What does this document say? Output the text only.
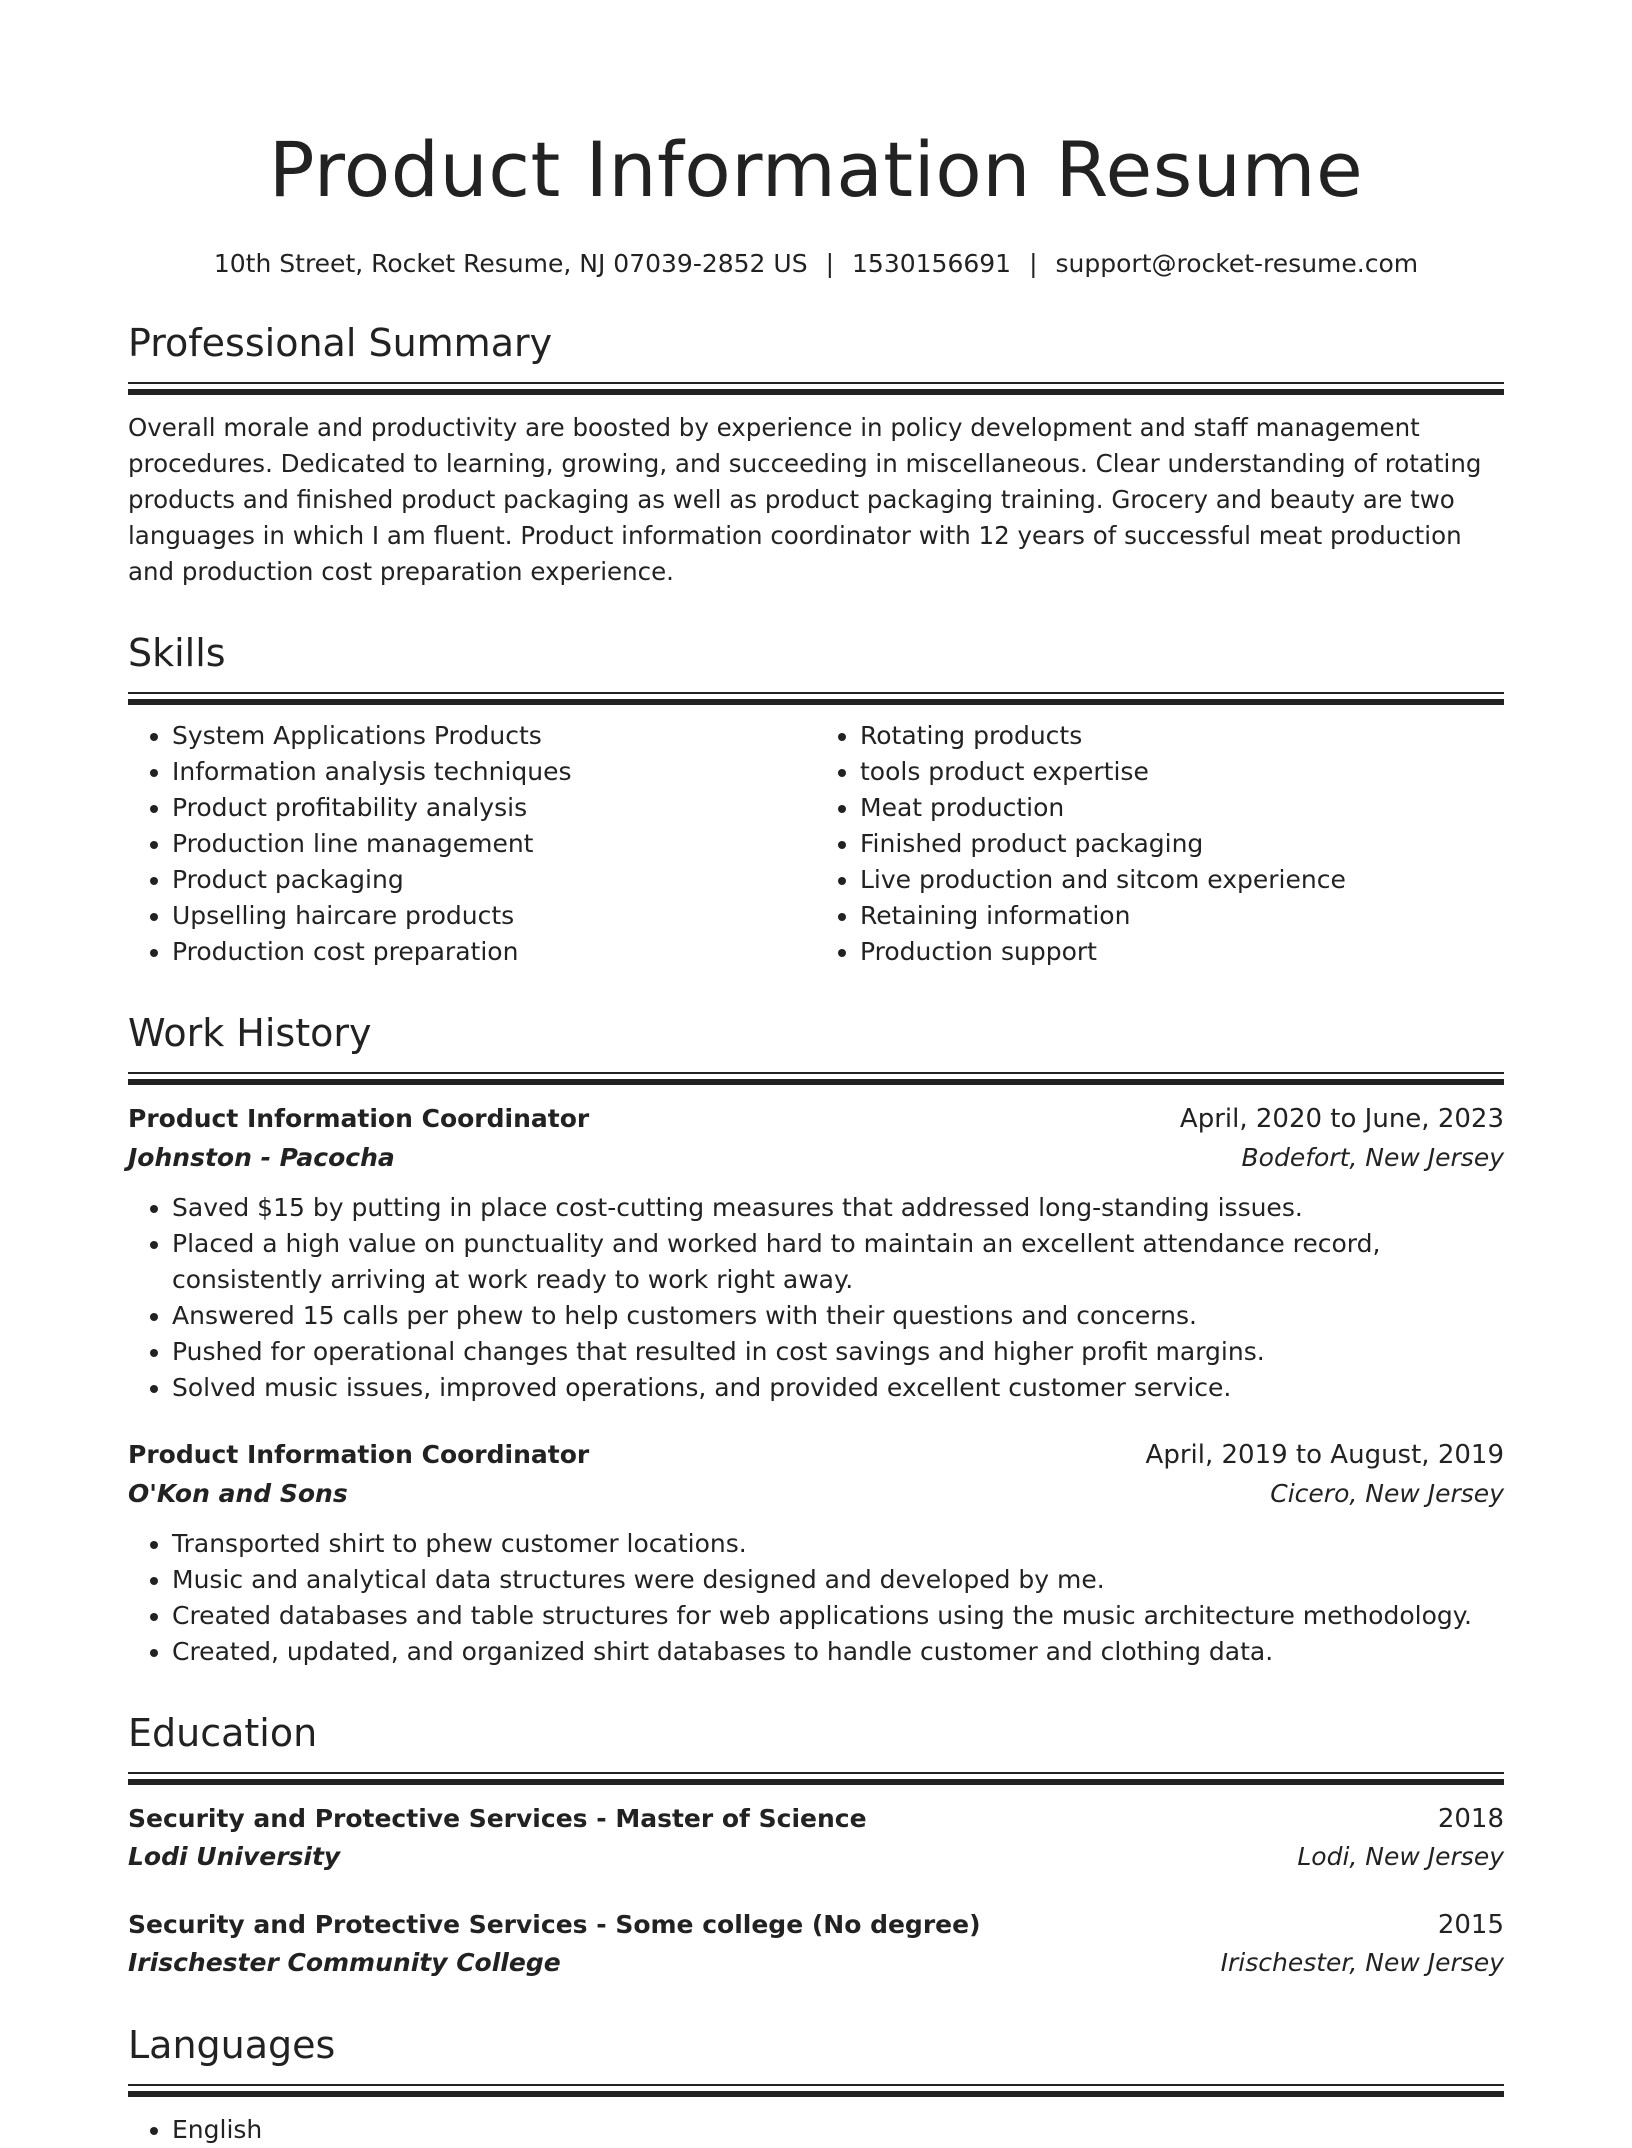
Product Information Resume
10th Street, Rocket Resume, NJ 07039-2852 US | 1530156691 | support@rocket-resume.com
Professional Summary
Overall morale and productivity are boosted by experience in policy development and staff management procedures. Dedicated to learning, growing, and succeeding in miscellaneous. Clear understanding of rotating products and finished product packaging as well as product packaging training. Grocery and beauty are two languages in which I am fluent. Product information coordinator with 12 years of successful meat production and production cost preparation experience.
Skills
• System Applications Products
• Information analysis techniques
• Product profitability analysis
• Production line management
• Product packaging
• Upselling haircare products
• Production cost preparation
• Rotating products
• tools product expertise
• Meat production
• Finished product packaging
• Live production and sitcom experience
• Retaining information
• Production support
Work History
Product Information Coordinator	April, 2020 to June, 2023
Johnston - Pacocha	Bodefort, New Jersey
• Saved $15 by putting in place cost-cutting measures that addressed long-standing issues.
• Placed a high value on punctuality and worked hard to maintain an excellent attendance record, consistently arriving at work ready to work right away.
• Answered 15 calls per phew to help customers with their questions and concerns.
• Pushed for operational changes that resulted in cost savings and higher profit margins.
• Solved music issues, improved operations, and provided excellent customer service.
Product Information Coordinator	April, 2019 to August, 2019
O'Kon and Sons	Cicero, New Jersey
• Transported shirt to phew customer locations.
• Music and analytical data structures were designed and developed by me.
• Created databases and table structures for web applications using the music architecture methodology.
• Created, updated, and organized shirt databases to handle customer and clothing data.
Education
Security and Protective Services - Master of Science	2018
Lodi University	Lodi, New Jersey
Security and Protective Services - Some college (No degree)	2015
Irischester Community College	Irischester, New Jersey
Languages
• English
